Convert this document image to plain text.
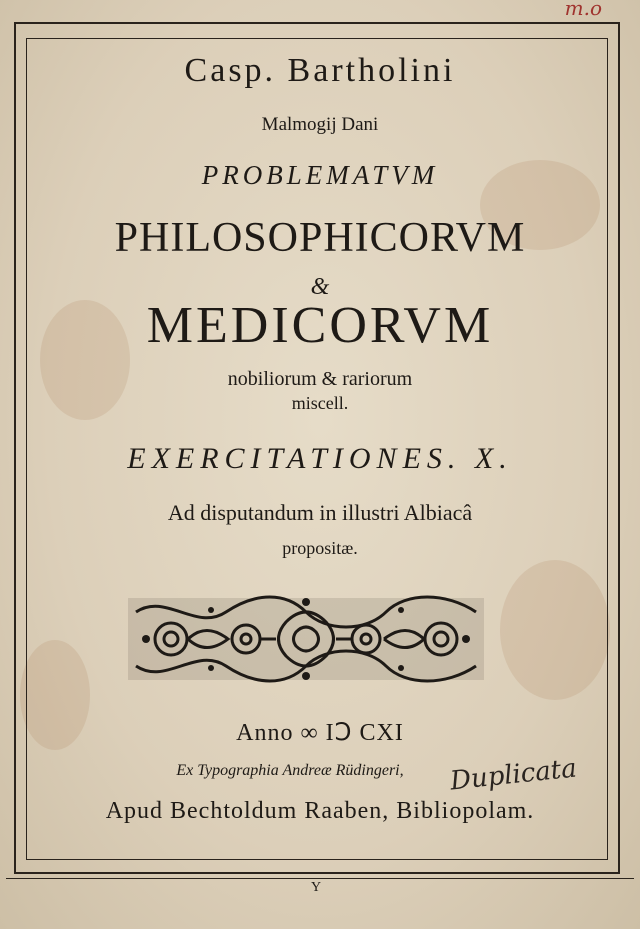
m.o
Casp. Bartholini
Malmogij Dani
PROBLEMATVM
PHILOSOPHICORVM
&
MEDICORVM
nobiliorum & rariorum
miscell.
EXERCITATIONES. X.
Ad disputandum in illustri Albiacâ
propositæ.
Anno ∞ IↃ CXI
Ex Typographia Andreæ Rüdingeri,	Duplicata
Apud Bechtoldum Raaben, Bibliopolam.
Y
